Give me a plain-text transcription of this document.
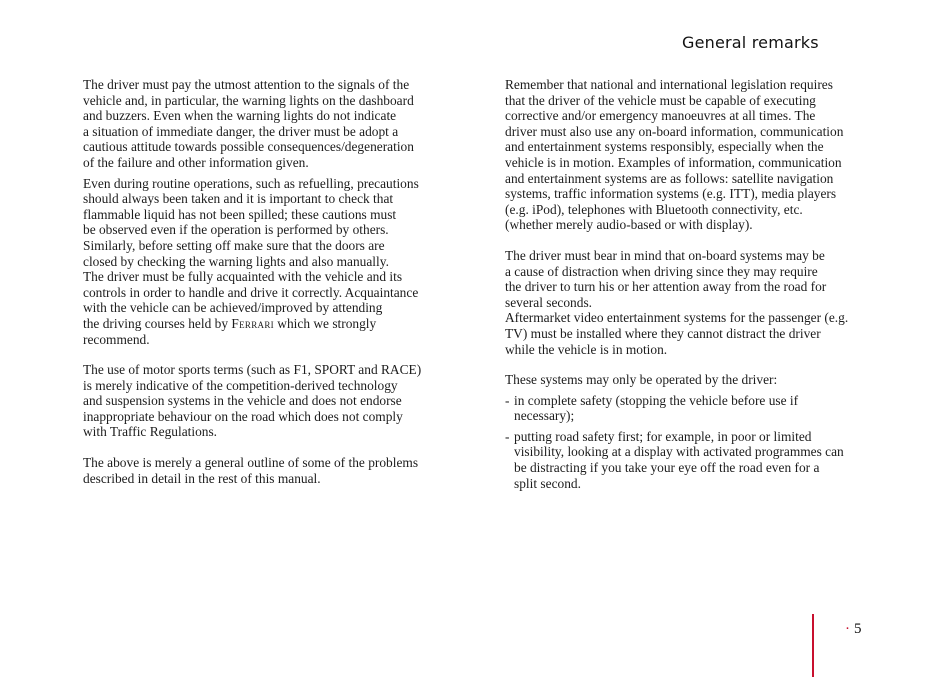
General remarks

The driver must pay the utmost attention to the signals of the
vehicle and, in particular, the warning lights on the dashboard
and buzzers. Even when the warning lights do not indicate
a situation of immediate danger, the driver must be adopt a
cautious attitude towards possible consequences/degeneration
of the failure and other information given.

Even during routine operations, such as refuelling, precautions
should always been taken and it is important to check that
flammable liquid has not been spilled; these cautions must
be observed even if the operation is performed by others.
Similarly, before setting off make sure that the doors are
closed by checking the warning lights and also manually.
The driver must be fully acquainted with the vehicle and its
controls in order to handle and drive it correctly. Acquaintance
with the vehicle can be achieved/improved by attending
the driving courses held by Ferrari which we strongly
recommend.

The use of motor sports terms (such as F1, SPORT and RACE)
is merely indicative of the competition-derived technology
and suspension systems in the vehicle and does not endorse
inappropriate behaviour on the road which does not comply
with Traffic Regulations.

The above is merely a general outline of some of the problems
described in detail in the rest of this manual.

Remember that national and international legislation requires
that the driver of the vehicle must be capable of executing
corrective and/or emergency manoeuvres at all times. The
driver must also use any on-board information, communication
and entertainment systems responsibly, especially when the
vehicle is in motion. Examples of information, communication
and entertainment systems are as follows: satellite navigation
systems, traffic information systems (e.g. ITT), media players
(e.g. iPod), telephones with Bluetooth connectivity, etc.
(whether merely audio-based or with display).

The driver must bear in mind that on-board systems may be
a cause of distraction when driving since they may require
the driver to turn his or her attention away from the road for
several seconds.
Aftermarket video entertainment systems for the passenger (e.g.
TV) must be installed where they cannot distract the driver
while the vehicle is in motion.

These systems may only be operated by the driver:

- in complete safety (stopping the vehicle before use if
necessary);
- putting road safety first; for example, in poor or limited
visibility, looking at a display with activated programmes can
be distracting if you take your eye off the road even for a
split second.
· 5
